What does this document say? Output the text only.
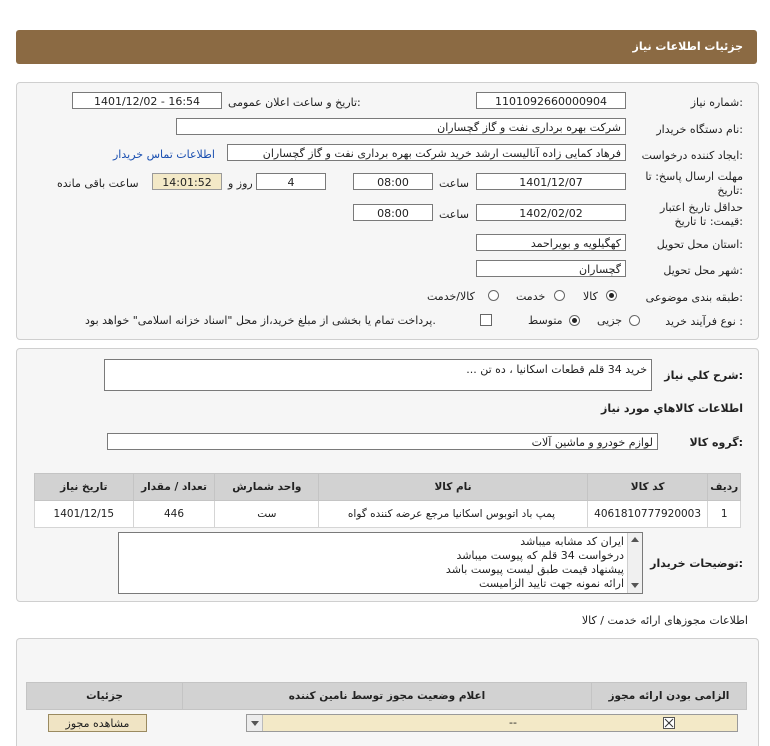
جزئیات اطلاعات نیاز
شماره نیاز:
1101092660000904
تاریخ و ساعت اعلان عمومی:
1401/12/02 - 16:54
نام دستگاه خریدار:
شرکت بهره برداری نفت و گاز گچساران
ایجاد کننده درخواست:
فرهاد کمایی زاده آنالیست ارشد خرید شرکت بهره برداری نفت و گاز گچساران
اطلاعات تماس خریدار
مهلت ارسال پاسخ: تا
تاریخ:
1401/12/07
ساعت
08:00
4
روز و
14:01:52
ساعت باقی مانده
حداقل تاریخ اعتبار
قیمت: تا تاریخ:
1402/02/02
ساعت
08:00
استان محل تحویل:
کهگیلویه و بویراحمد
شهر محل تحویل:
گچساران
طبقه بندی موضوعی:
کالا
خدمت
کالا/خدمت
نوع فرآیند خرید :
جزیی
متوسط
پرداخت تمام یا بخشی از مبلغ خرید،از محل "اسناد خزانه اسلامی" خواهد بود.
شرح کلي نياز:
خرید 34 قلم قطعات اسکانیا ، ده تن ...
اطلاعات کالاهاي مورد نياز
گروه کالا:
لوازم خودرو و ماشین آلات
تاریخ نیاز	تعداد / مقدار	واحد شمارش	نام کالا	کد کالا	ردیف
1401/12/15	446	ست	پمپ باد اتوبوس اسکانیا مرجع عرضه کننده گواه	4061810777920003	1
توضیحات خریدار:
ایران کد مشابه میباشد
درخواست 34 قلم که پیوست میباشد
پیشنهاد قیمت طبق لیست پیوست باشد
ارائه نمونه جهت تایید الزامیست
اطلاعات مجوزهای ارائه خدمت / کالا
جزئیات	اعلام وضعیت مجوز توسط نامین کننده	الزامی بودن ارائه مجوز
مشاهده مجوز	--
